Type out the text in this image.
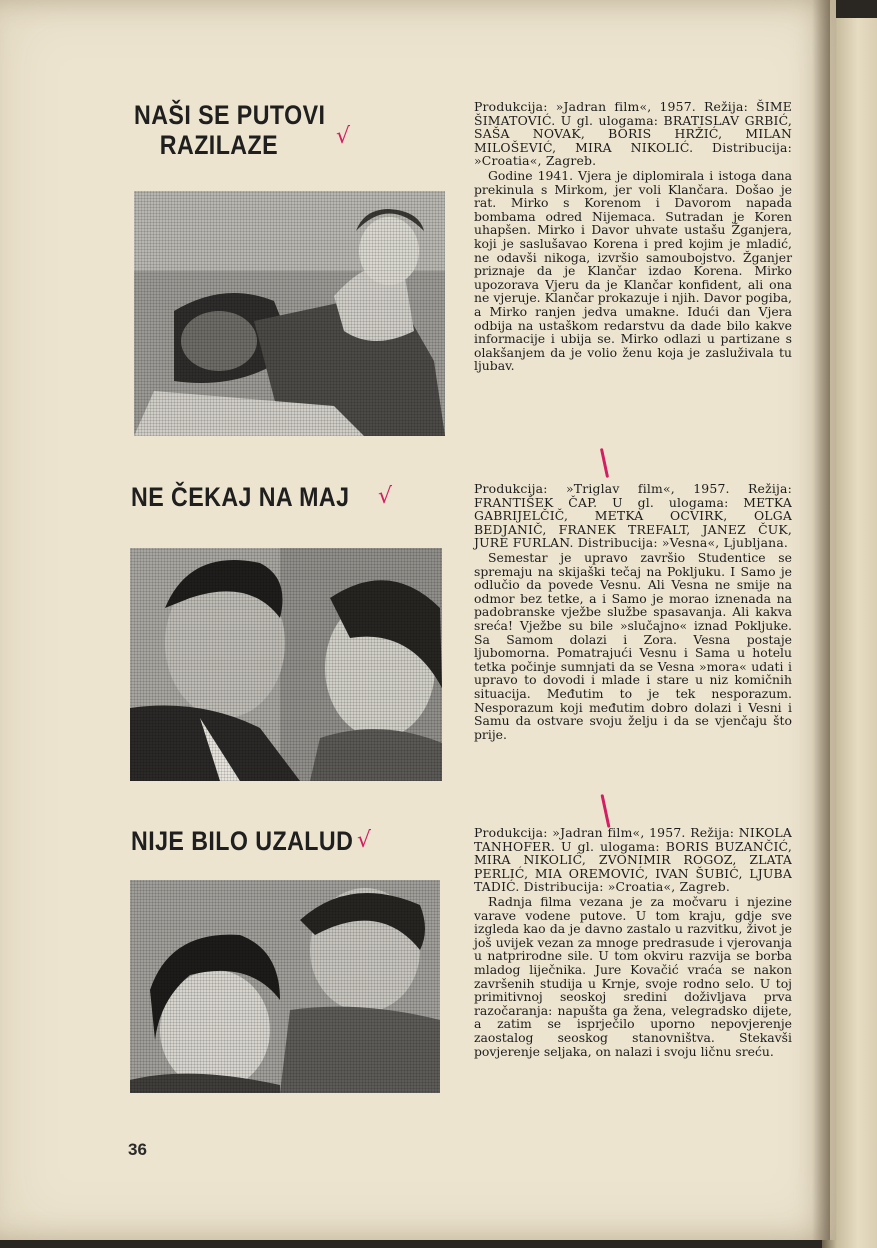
NAŠI SE PUTOVI
RAZILAZE	√

Produkcija: »Jadran film«, 1957. Režija: ŠIME ŠIMATOVIĆ. U gl. ulogama: BRATISLAV GRBIĆ, SAŠA NOVAK, BORIS HRŽIĆ, MILAN MILOŠEVIĆ, MIRA NIKOLIĆ. Distribucija: »Croatia«, Zagreb.

Godine 1941. Vjera je diplomirala i istoga dana prekinula s Mirkom, jer voli Klančara. Došao je rat. Mirko s Korenom i Davorom napada bombama odred Nijemaca. Sutradan je Koren uhapšen. Mirko i Davor uhvate ustašu Žganjera, koji je saslušavao Korena i pred kojim je mladić, ne odavši nikoga, izvršio samoubojstvo. Žganjer priznaje da je Klančar izdao Korena. Mirko upozorava Vjeru da je Klančar konfident, ali ona ne vjeruje. Klančar prokazuje i njih. Davor pogiba, a Mirko ranjen jedva umakne. Idući dan Vjera odbija na ustaškom redarstvu da dade bilo kakve informacije i ubija se. Mirko odlazi u partizane s olakšanjem da je volio ženu koja je zasluživala tu ljubav.

NE ČEKAJ NA MAJ √	Produkcija: »Triglav film«, 1957. Režija: FRANTIŠEK ČAP. U gl. ulogama: METKA GABRIJELČIČ, METKA OCVIRK, OLGA BEDJANIČ, FRANEK TREFALT, JANEZ ČUK, JURE FURLAN. Distribucija: »Vesna«, Ljubljana.

Semestar je upravo završio Studentice se spremaju na skijaški tečaj na Pokljuku. I Samo je odlučio da povede Vesnu. Ali Vesna ne smije na odmor bez tetke, a i Samo je morao iznenada na padobranske vježbe službe spasavanja. Ali kakva sreća! Vježbe su bile »slučajno« iznad Pokljuke. Sa Samom dolazi i Zora. Vesna postaje ljubomorna. Pomatrajući Vesnu i Sama u hotelu tetka počinje sumnjati da se Vesna »mora« udati i upravo to dovodi i mlade i stare u niz komičnih situacija. Međutim to je tek nesporazum. Nesporazum koji međutim dobro dolazi i Vesni i Samu da ostvare svoju želju i da se vjenčaju što prije.

NIJE BILO UZALUD √	Produkcija: »Jadran film«, 1957. Režija: NIKOLA TANHOFER. U gl. ulogama: BORIS BUZANČIĆ, MIRA NIKOLIĆ, ZVONIMIR ROGOZ, ZLATA PERLIĆ, MIA OREMOVIĆ, IVAN ŠUBIĆ, LJUBA TADIĆ. Distribucija: »Croatia«, Zagreb.

Radnja filma vezana je za močvaru i njezine varave vodene putove. U tom kraju, gdje sve izgleda kao da je davno zastalo u razvitku, život je još uvijek vezan za mnoge predrasude i vjerovanja u natprirodne sile. U tom okviru razvija se borba mladog liječnika. Jure Kovačić vraća se nakon završenih studija u Krnje, svoje rodno selo. U toj primitivnoj seoskoj sredini doživljava prva razočaranja: napušta ga žena, velegradsko dijete, a zatim se isprječilo uporno nepovjerenje zaostalog seoskog stanovništva. Stekavši povjerenje seljaka, on nalazi i svoju ličnu sreću.

36
